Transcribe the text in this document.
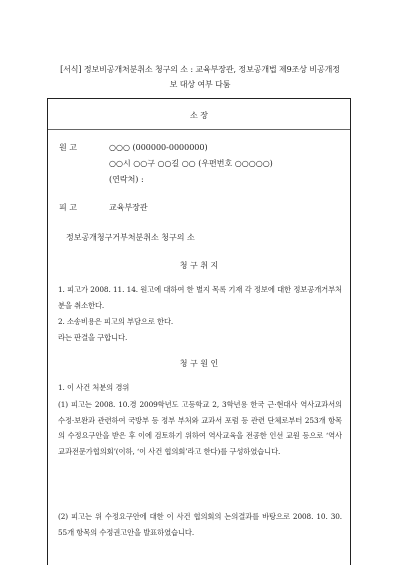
[서식] 정보비공개처분취소 청구의 소 : 교육부장관, 정보공개법 제9조상 비공개정
보 대상 여부 다툼
소 장
원 고	○○○ (000000-0000000)
○○시 ○○구 ○○길 ○○ (우편번호 ○○○○○)
(연락처) :
피 고	교육부장관
정보공개청구거부처분취소 청구의 소
청 구 취 지
1. 피고가 2008. 11. 14. 원고에 대하여 한 별지 목록 기재 각 정보에 대한 정보공개거부처분을 취소한다.
2. 소송비용은 피고의 부담으로 한다.
라는 판결을 구합니다.
청 구 원 인
1. 이 사건 처분의 경위
(1) 피고는 2008. 10.경 2009학년도 고등학교 2, 3학년용 한국 근·현대사 역사교과서의 수정·보완과 관련하여 국방부 등 정부 부처와 교과서 포럼 등 관련 단체로부터 253개 항목의 수정요구안을 받은 후 이에 검토하기 위하여 역사교육을 전공한 인선 교원 등으로 ‘역사교과전문가협의회’(이하, ‘이 사건 협의회’라고 한다)를 구성하였습니다.
(2) 피고는 위 수정요구안에 대한 이 사건 협의회의 논의결과를 바탕으로 2008. 10. 30. 55개 항목의 수정권고안을 발표하였습니다.
